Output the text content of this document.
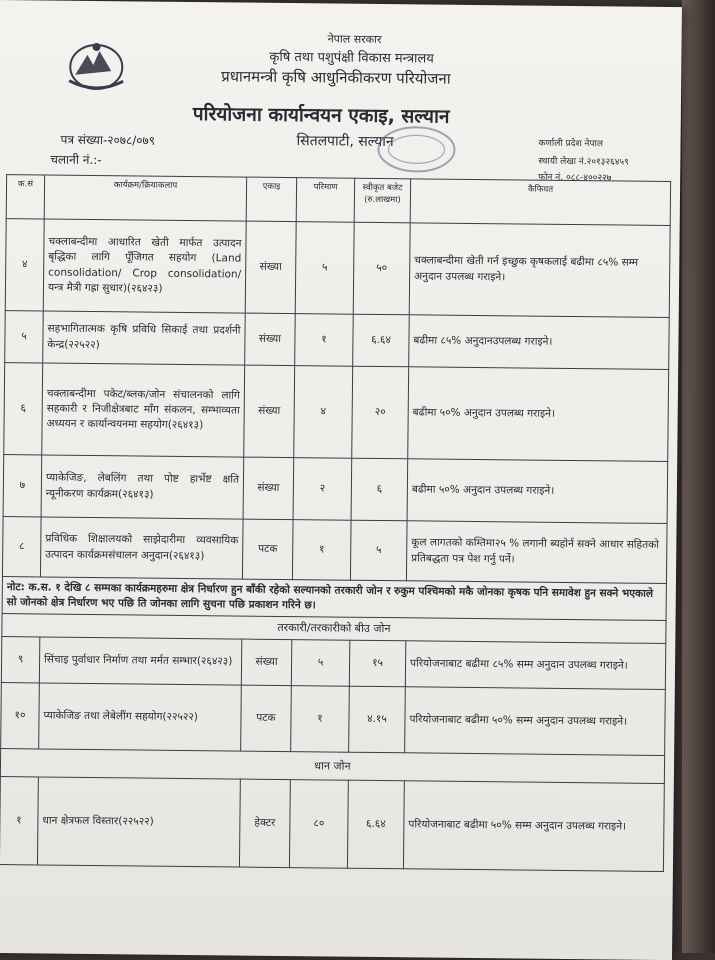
नेपाल सरकार
कृषि तथा पशुपंक्षी विकास मन्त्रालय
प्रधानमन्त्री कृषि आधुनिकीकरण परियोजना
परियोजना कार्यान्वयन एकाइ, सल्यान
सितलपाटी, सल्यान
पत्र संख्या-२०७८/०७९
चलानी नं.:-
कर्णाली प्रदेश नेपाल
स्थायी लेखा नं.२०१३२६४५९
फोन नं. ०८८-४००२२७
क.सं	कार्यक्रम/क्रियाकलाप	एकाइ	परिमाण	स्वीकृत बजेट (रु.लाखमा)	कैफियत
४	चक्लाबन्दीमा आधारित खेती मार्फत उत्पादन बृद्धिका लागि पूँजिगत सहयोग (Land consolidation/ Crop consolidation/यन्त्र मैत्री गह्रा सुधार)(२६४२३)	संख्या	५	५०	चक्लाबन्दीमा खेती गर्न इच्छुक कृषकलाई बढीमा ८५% सम्म अनुदान उपलब्ध गराइने।
५	सहभागितात्मक कृषि प्रविधि सिकाई तथा प्रदर्शनी केन्द्र(२२५२२)	संख्या	१	६.६४	बढीमा ८५% अनुदानउपलब्ध गराइने।
६	चक्लाबन्दीमा पकेट/ब्लक/जोन संचालनको लागि सहकारी र निजीक्षेत्रबाट माँग संकलन, सम्भाव्यता अध्ययन र कार्यान्वयनमा सहयोग(२६४१३)	संख्या	४	२०	बढीमा ५०% अनुदान उपलब्ध गराइने।
७	प्याकेजिङ, लेबलिंग तथा पोष्ट हार्भेष्ट क्षति न्यूनीकरण कार्यक्रम(२६४१३)	संख्या	२	६	बढीमा ५०% अनुदान उपलब्ध गराइने।
८	प्रविधिक शिक्षालयको साझेदारीमा व्यवसायिक उत्पादन कार्यक्रमसंचालन अनुदान(२६४१३)	पटक	१	५	कूल लागतको कम्तिमा२५ % लगानी ब्यहोर्न सक्ने आधार सहितको प्रतिबद्धता पत्र पेश गर्नु पर्ने।
नोट: क.स. १ देखि ८ सम्मका कार्यक्रमहरुमा क्षेत्र निर्धारण हुन बाँकी रहेको सल्यानको तरकारी जोन र रुकुम पश्चिमको मकै जोनका कृषक पनि समावेश हुन सक्ने भएकाले सो जोनको क्षेत्र निर्धारण भए पछि ति जोनका लागि सुचना पछि प्रकाशन गरिने छ।					
तरकारी/तरकारीको बीउ जोन					
९	सिंचाइ पुर्वाधार निर्माण तथा मर्मत सम्भार(२६४२३)	संख्या	५	१५	परियोजनाबाट बढीमा ८५% सम्म अनुदान उपलब्ध गराइने।
१०	प्याकेजिङ तथा लेबेलींग सहयोग(२२५२२)	पटक	१	४.१५	परियोजनाबाट बढीमा ५०% सम्म अनुदान उपलब्ध गराइने।
धान जोन					
१	धान क्षेत्रफल विस्तार(२२५२२)	हेक्टर	८०	६.६४	परियोजनाबाट बढीमा ५०% सम्म अनुदान उपलब्ध गराइने।
